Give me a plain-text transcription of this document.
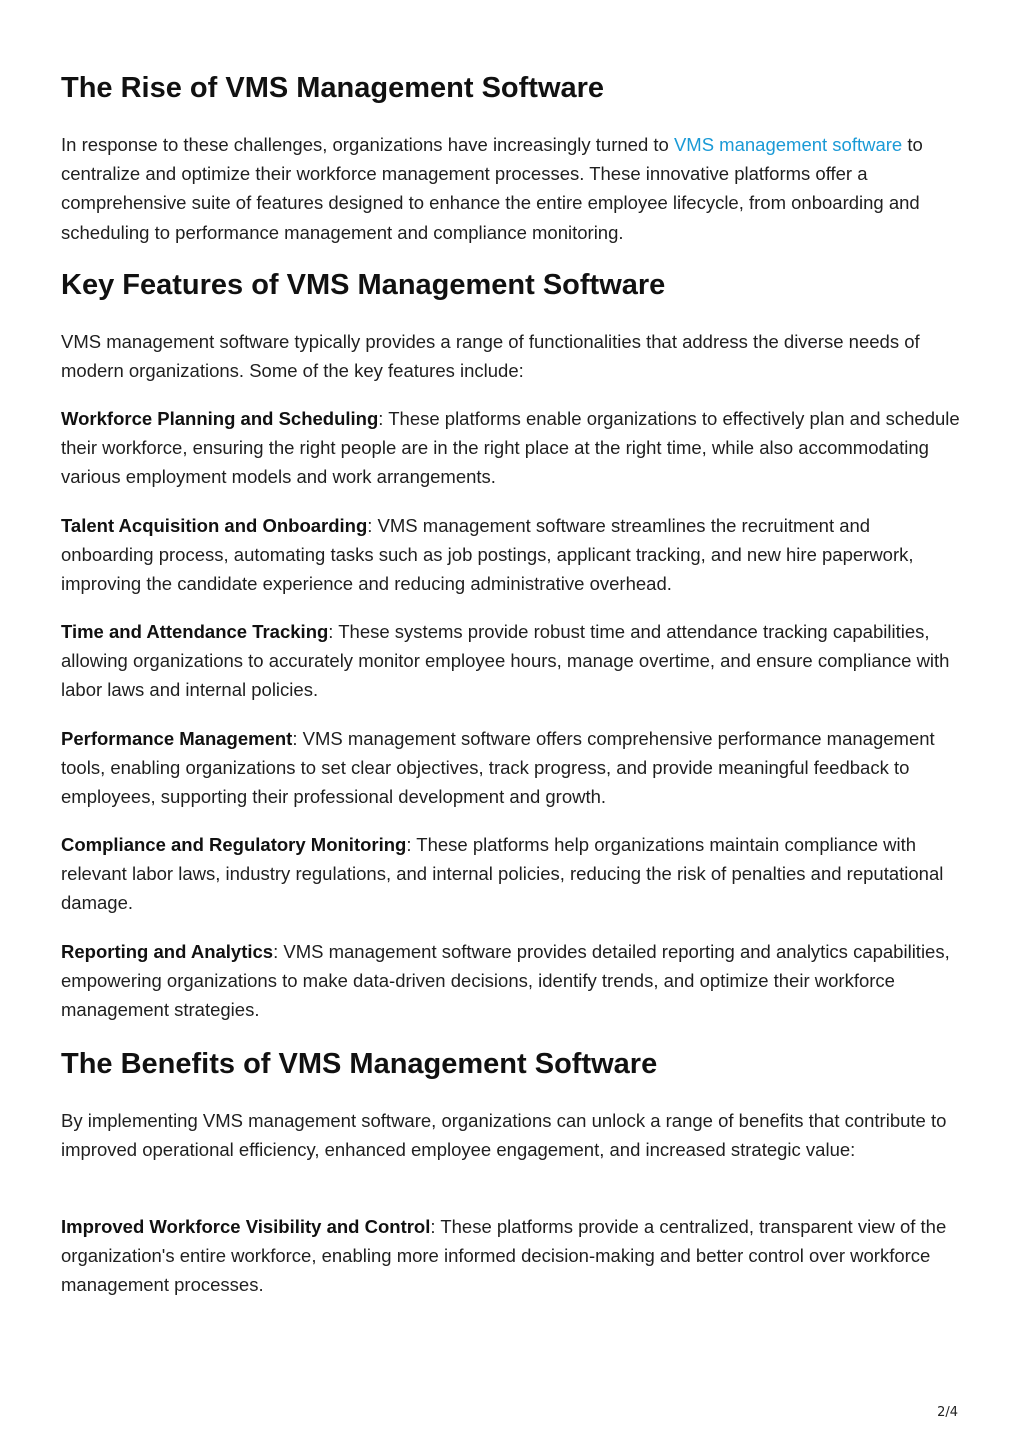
The Rise of VMS Management Software

In response to these challenges, organizations have increasingly turned to VMS management software to centralize and optimize their workforce management processes. These innovative platforms offer a comprehensive suite of features designed to enhance the entire employee lifecycle, from onboarding and scheduling to performance management and compliance monitoring.

Key Features of VMS Management Software

VMS management software typically provides a range of functionalities that address the diverse needs of modern organizations. Some of the key features include:

Workforce Planning and Scheduling: These platforms enable organizations to effectively plan and schedule their workforce, ensuring the right people are in the right place at the right time, while also accommodating various employment models and work arrangements.

Talent Acquisition and Onboarding: VMS management software streamlines the recruitment and onboarding process, automating tasks such as job postings, applicant tracking, and new hire paperwork, improving the candidate experience and reducing administrative overhead.

Time and Attendance Tracking: These systems provide robust time and attendance tracking capabilities, allowing organizations to accurately monitor employee hours, manage overtime, and ensure compliance with labor laws and internal policies.

Performance Management: VMS management software offers comprehensive performance management tools, enabling organizations to set clear objectives, track progress, and provide meaningful feedback to employees, supporting their professional development and growth.

Compliance and Regulatory Monitoring: These platforms help organizations maintain compliance with relevant labor laws, industry regulations, and internal policies, reducing the risk of penalties and reputational damage.

Reporting and Analytics: VMS management software provides detailed reporting and analytics capabilities, empowering organizations to make data-driven decisions, identify trends, and optimize their workforce management strategies.

The Benefits of VMS Management Software

By implementing VMS management software, organizations can unlock a range of benefits that contribute to improved operational efficiency, enhanced employee engagement, and increased strategic value:

Improved Workforce Visibility and Control: These platforms provide a centralized, transparent view of the organization's entire workforce, enabling more informed decision-making and better control over workforce management processes.

2/4
